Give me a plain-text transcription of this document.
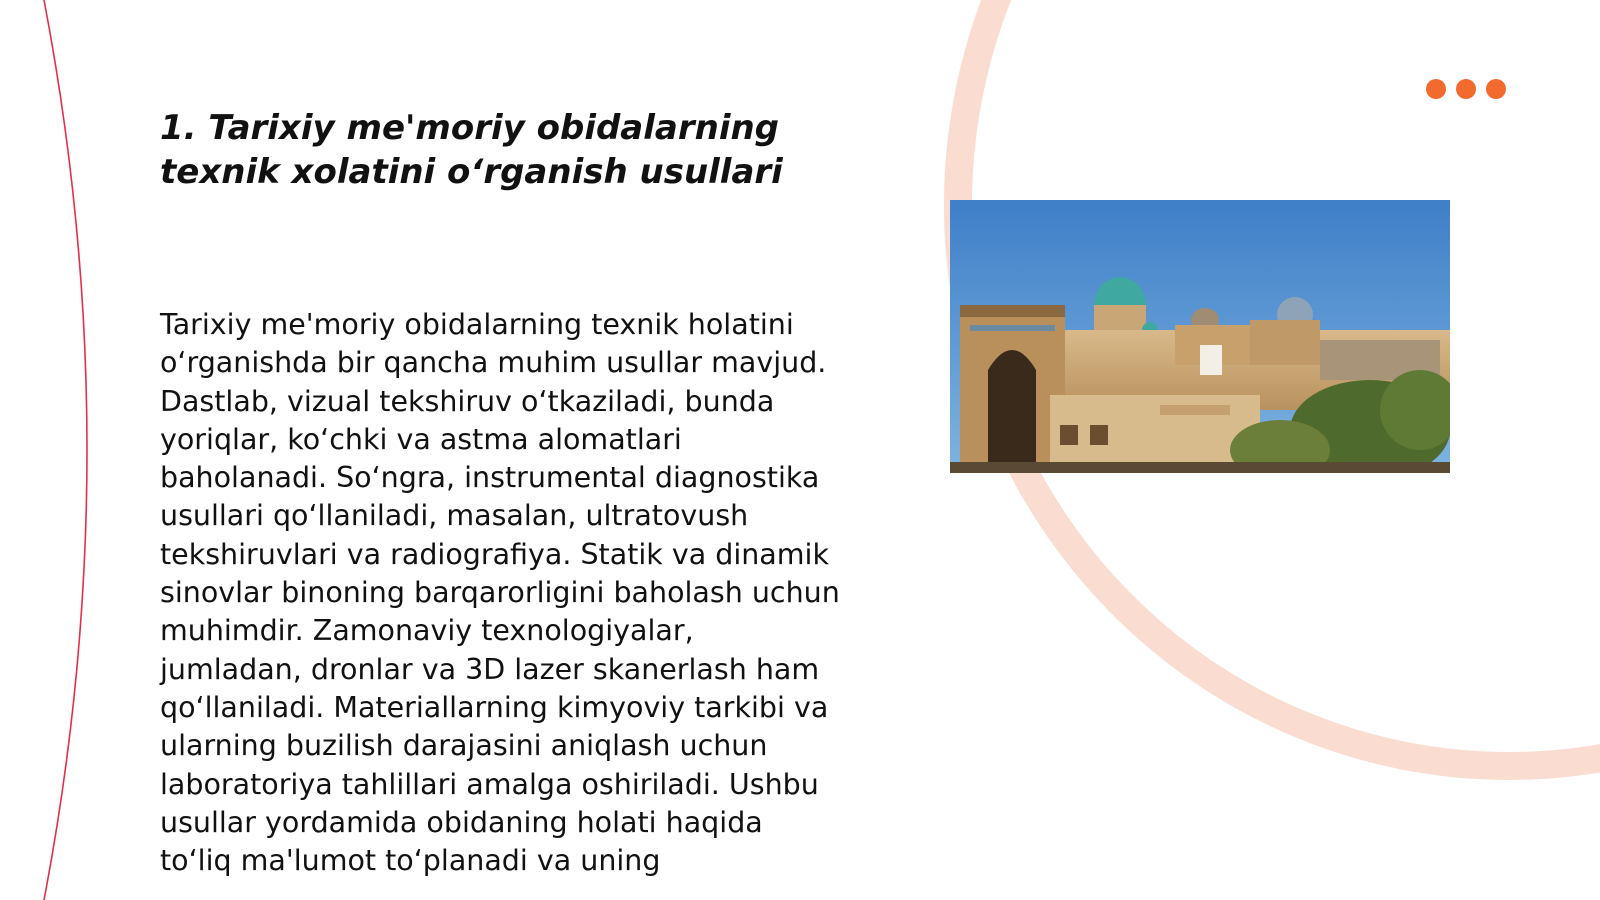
1. Tarixiy me'moriy obidalarning texnik xolatini o‘rganish usullari

Tarixiy me'moriy obidalarning texnik holatini o‘rganishda bir qancha muhim usullar mavjud. Dastlab, vizual tekshiruv o‘tkaziladi, bunda yoriqlar, ko‘chki va astma alomatlari baholanadi. So‘ngra, instrumental diagnostika usullari qo‘llaniladi, masalan, ultratovush tekshiruvlari va radiografiya. Statik va dinamik sinovlar binoning barqarorligini baholash uchun muhimdir. Zamonaviy texnologiyalar, jumladan, dronlar va 3D lazer skanerlash ham qo‘llaniladi. Materiallarning kimyoviy tarkibi va ularning buzilish darajasini aniqlash uchun laboratoriya tahlillari amalga oshiriladi. Ushbu usullar yordamida obidaning holati haqida to‘liq ma'lumot to‘planadi va uning
